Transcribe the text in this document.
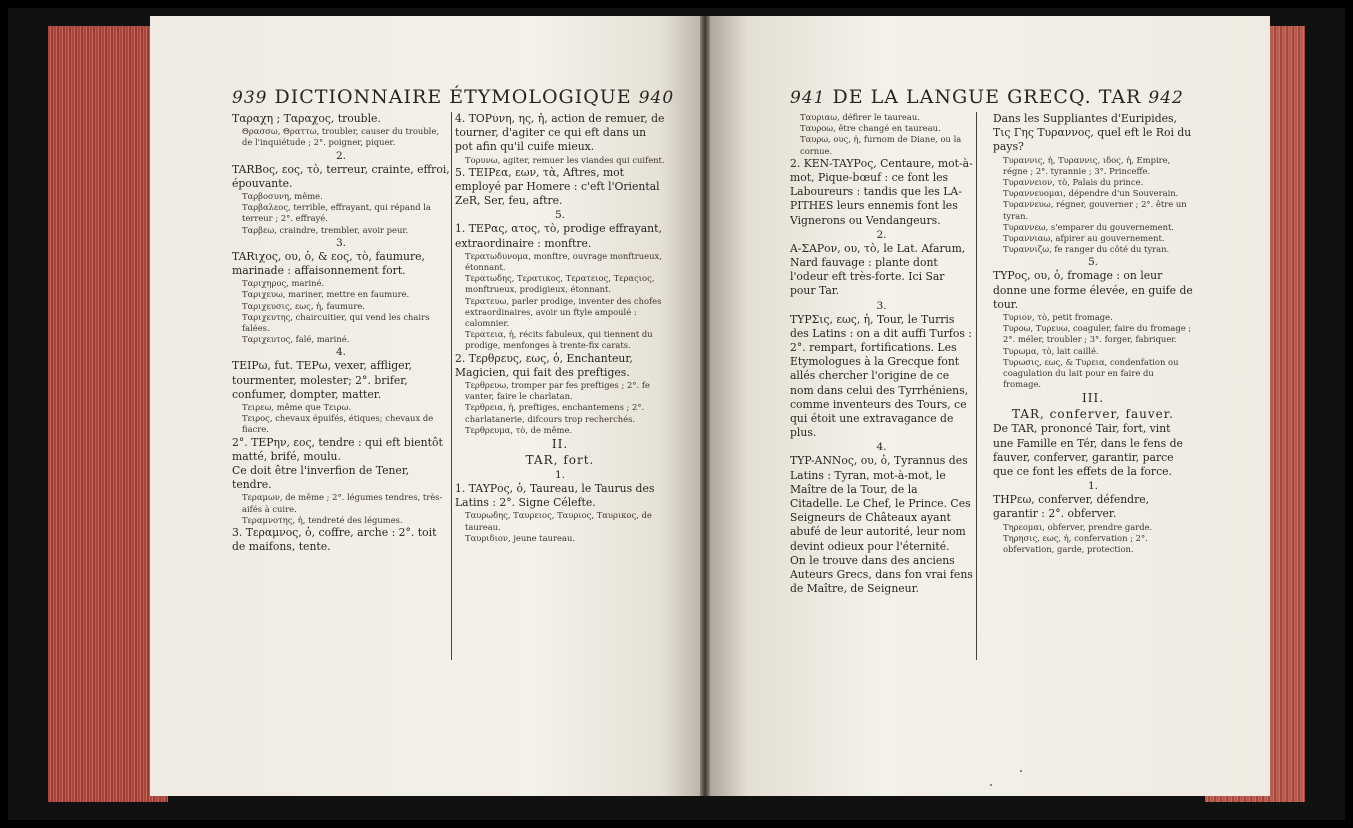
939 DICTIONNAIRE ÉTYMOLOGIQUE 940	941 DE LA LANGUE GRECQ. TAR 942

Ταραχη ; Ταραχος, trouble.

Θρασσω, Θραττω, troubler, causer du trouble, de l'inquiétude ; 2°. poigner, piquer.

2.

TARBος, εος, τὸ, terreur, crainte, effroi, épouvante.

Ταρβοσυνη, même.

Ταρβαλεος, terrible, effrayant, qui répand la terreur ; 2°. effrayé.

Ταρβεω, craindre, trembler, avoir peur.

3.

TARιχος, ου, ὁ, & εος, τὸ, faumure, marinade : affaisonnement fort.

Ταριχηρος, mariné.

Ταριχευω, mariner, mettre en faumure.

Ταριχευσις, εως, ἡ, faumure.

Ταριχευτης, chaircuitier, qui vend les chairs falées.

Ταριχευτος, falé, mariné.

4.

TEIPω, fut. TEPω, vexer, affliger, tourmenter, molester; 2°. brifer, confumer, dompter, matter.

Τειρεω, même que Τειρω.

Τειρος, chevaux épuifés, étiques; chevaux de fiacre.

2°. TEPην, εος, tendre : qui eft bientôt matté, brifé, moulu.

Ce doit être l'inverfion de Tener, tendre.

Τεραμων, de même ; 2°. légumes tendres, très-aifés à cuire.

Τεραμνοτης, ἡ, tendreté des légumes.

3. Τεραμνος, ὁ, coffre, arche : 2°. toit de maifons, tente.

4. TOPυνη, ης, ἡ, action de remuer, de tourner, d'agiter ce qui eft dans un pot afin qu'il cuife mieux.

Τορυνω, agiter, remuer les viandes qui cuifent.

5. TEIPεα, εων, τὰ, Aftres, mot employé par Homere : c'eft l'Oriental ZeR, Ser, feu, aftre.

5.

1. TEPας, ατος, τὸ, prodige effrayant, extraordinaire : monftre.

Τερατωδυνομα, monftre, ouvrage monftrueux, étonnant.

Τερατωδης, Τερατικος, Τερατειος, Τεραςιος, monftrueux, prodigieux, étonnant.

Τερατευω, parler prodige, inventer des chofes extraordinaires, avoir un ftyle ampoulé : calomnier.

Τερατεια, ἡ, récits fabuleux, qui tiennent du prodige, menfonges à trente-fix carats.

2. Τερθρευς, εως, ὁ, Enchanteur, Magicien, qui fait des preftiges.

Τερθρευω, tromper par fes preftiges ; 2°. fe vanter, faire le charlatan.

Τερθρεια, ἡ, preftiges, enchantemens ; 2°. charlatanerie, difcours trop recherchés.

Τερθρευμα, τὸ, de même.

II.

TAR, fort.

1.

1. TAYPος, ὁ, Taureau, le Taurus des Latins : 2°. Signe Célefte.

Ταυρωδης, Ταυρειος, Ταυριος, Ταυρικος, de taureau.

Ταυριδιον, jeune taureau.

Ταυριαω, défirer le taureau.

Ταυροω, être changé en taureau.

Ταυρω, ους, ἡ, furnom de Diane, ou la cornue.

2. KEN-TAYPος, Centaure, mot-à-mot, Pique-bœuf : ce font les Laboureurs : tandis que les LA-PITHES leurs ennemis font les Vignerons ou Vendangeurs.

2.

A-ΣAPον, ου, τὸ, le Lat. Afarum, Nard fauvage : plante dont l'odeur eft très-forte. Ici Sar pour Tar.

3.

TYPΣις, εως, ἡ, Tour, le Turris des Latins : on a dit auffi Turfos : 2°. rempart, fortifications. Les Etymologues à la Grecque font allés chercher l'origine de ce nom dans celui des Tyrrhéniens, comme inventeurs des Tours, ce qui étoit une extravagance de plus.

4.

TYP-ANNος, ου, ὁ, Tyrannus des Latins : Tyran, mot-à-mot, le Maître de la Tour, de la Citadelle. Le Chef, le Prince. Ces Seigneurs de Châteaux ayant abufé de leur autorité, leur nom devint odieux pour l'éternité.

On le trouve dans des anciens Auteurs Grecs, dans fon vrai fens de Maître, de Seigneur.

Dans les Suppliantes d'Euripides, Τις Γης Τυραννος, quel eft le Roi du pays?

Τυραννις, ἡ, Τυραννις, ιδος, ἡ, Empire, régne ; 2°. tyrannie ; 3°. Princeffe.

Τυραννειον, τὸ, Palais du prince.

Τυραννευομαι, dépendre d'un Souverain.

Τυραννευω, régner, gouverner ; 2°. être un tyran.

Τυραννεω, s'emparer du gouvernement.

Τυραννιαω, afpirer au gouvernement.

Τυραννιζω, fe ranger du côté du tyran.

5.

TYPος, ου, ὁ, fromage : on leur donne une forme élevée, en guife de tour.

Τυριον, τὸ, petit fromage.

Τυροω, Τυρευω, coaguler, faire du fromage ; 2°. méler, troubler ; 3°. forger, fabriquer.

Τυρωμα, τὸ, lait caillé.

Τυρωσις, εως, & Τυρεια, condenfation ou coagulation du lait pour en faire du fromage.

III.

TAR, conferver, fauver.

De TAR, prononcé Tair, fort, vint une Famille en Tér, dans le fens de fauver, conferver, garantir, parce que ce font les effets de la force.

1.

THPεω, conferver, défendre, garantir : 2°. obferver.

Τηρεομαι, obferver, prendre garde.

Τηρησις, εως, ἡ, confervation ; 2°. obfervation, garde, protection.
